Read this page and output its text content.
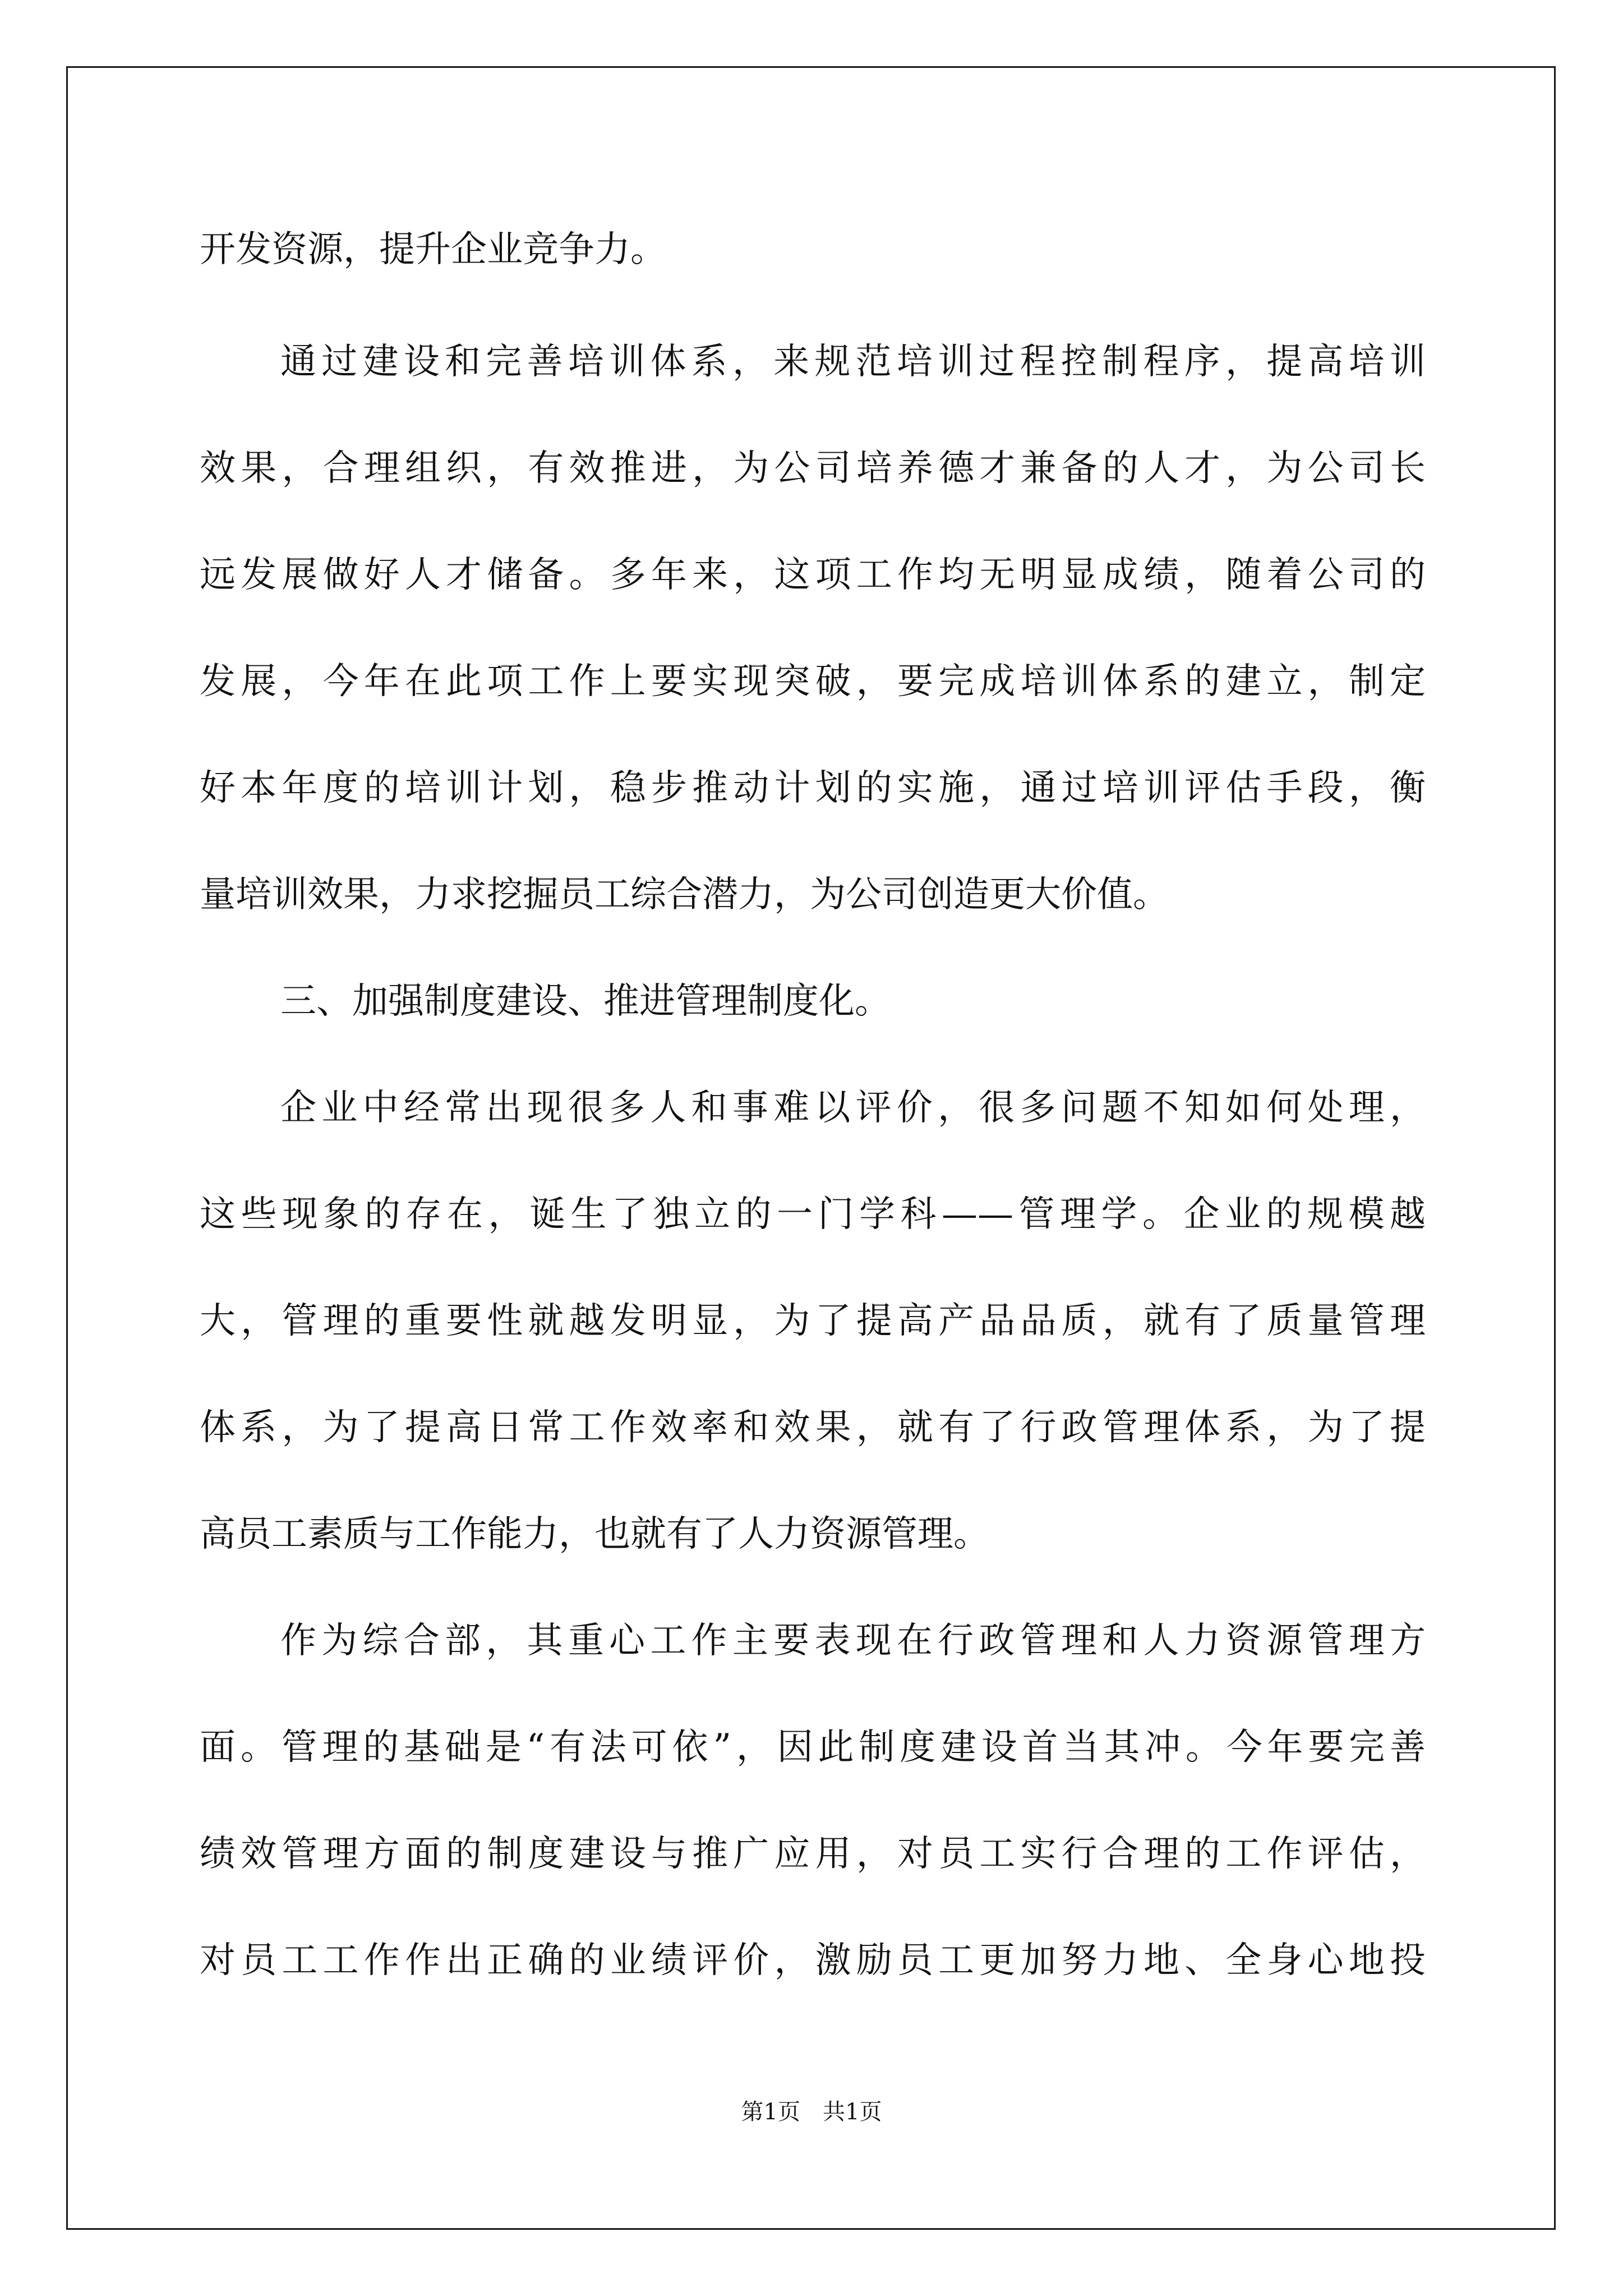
开发资源，提升企业竞争力。
通过建设和完善培训体系，来规范培训过程控制程序，提高培训
效果，合理组织，有效推进，为公司培养德才兼备的人才，为公司长
远发展做好人才储备。多年来，这项工作均无明显成绩，随着公司的
发展，今年在此项工作上要实现突破，要完成培训体系的建立，制定
好本年度的培训计划，稳步推动计划的实施，通过培训评估手段，衡
量培训效果，力求挖掘员工综合潜力，为公司创造更大价值。
三、加强制度建设、推进管理制度化。
企业中经常出现很多人和事难以评价，很多问题不知如何处理，
这些现象的存在，诞生了独立的一门学科——管理学。企业的规模越
大，管理的重要性就越发明显，为了提高产品品质，就有了质量管理
体系，为了提高日常工作效率和效果，就有了行政管理体系，为了提
高员工素质与工作能力，也就有了人力资源管理。
作为综合部，其重心工作主要表现在行政管理和人力资源管理方
面。管理的基础是“有法可依”，因此制度建设首当其冲。今年要完善
绩效管理方面的制度建设与推广应用，对员工实行合理的工作评估，
对员工工作作出正确的业绩评价，激励员工更加努力地、全身心地投
第1页　共1页
